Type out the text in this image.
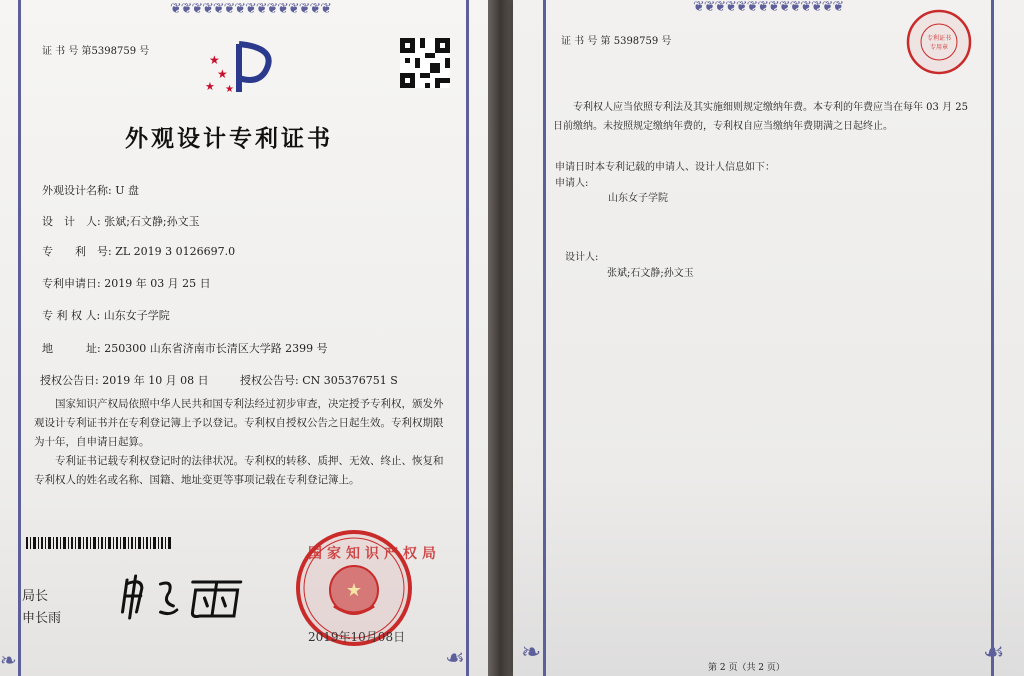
❦❦❦❦❦❦❦❦❦❦❦❦❦❦❦
❧	☙
证 书 号 第5398759 号
★
★
★ ★
外观设计专利证书
外观设计名称: U 盘
设　计　人: 张斌;石文静;孙文玉
专　　利　号: ZL 2019 3 0126697.0
专利申请日: 2019 年 03 月 25 日
专 利 权 人: 山东女子学院
地　　　址: 250300 山东省济南市长清区大学路 2399 号
授权公告日: 2019 年 10 月 08 日	授权公告号: CN 305376751 S
国家知识产权局依照中华人民共和国专利法经过初步审查，决定授予专利权，颁发外观设计专利证书并在专利登记簿上予以登记。专利权自授权公告之日起生效。专利权期限为十年，自申请日起算。
专利证书记载专利权登记时的法律状况。专利权的转移、质押、无效、终止、恢复和专利权人的姓名或名称、国籍、地址变更等事项记载在专利登记簿上。
局长
申长雨
★
国家知识产权局
2019年10月08日
❦❦❦❦❦❦❦❦❦❦❦❦❦❦
❧	☙
证 书 号 第 5398759 号	专利证书
专用章
专利权人应当依照专利法及其实施细则规定缴纳年费。本专利的年费应当在每年 03 月 25 日前缴纳。未按照规定缴纳年费的，专利权自应当缴纳年费期满之日起终止。
申请日时本专利记载的申请人、设计人信息如下：
申请人:
山东女子学院
设计人:
张斌;石文静;孙文玉
第 2 页（共 2 页）
